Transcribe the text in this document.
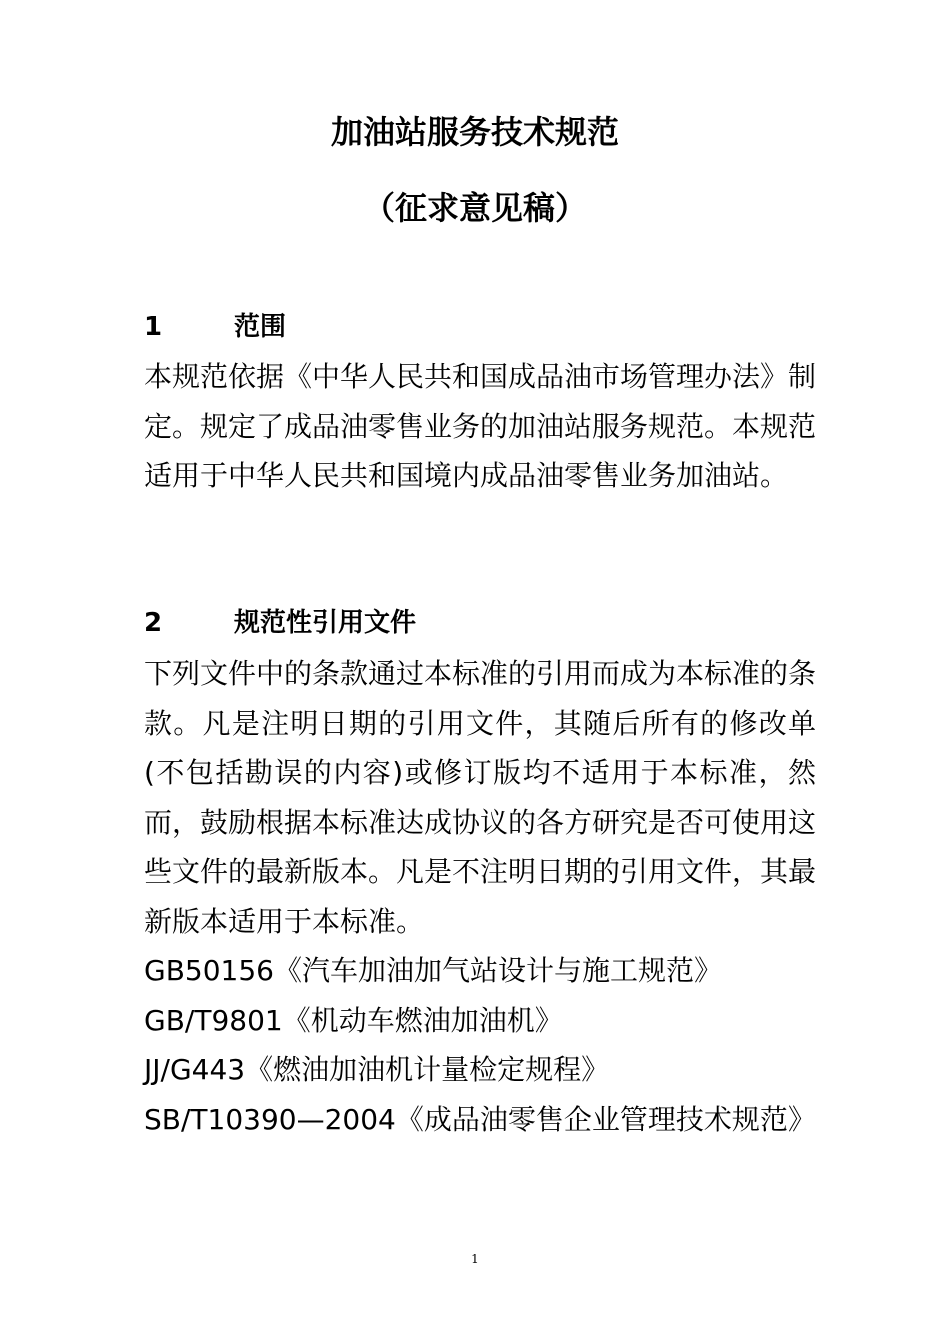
加油站服务技术规范
（征求意见稿）
1	范围
本规范依据《中华人民共和国成品油市场管理办法》制定。规定了成品油零售业务的加油站服务规范。本规范适用于中华人民共和国境内成品油零售业务加油站。
2	规范性引用文件
下列文件中的条款通过本标准的引用而成为本标准的条款。凡是注明日期的引用文件，其随后所有的修改单(不包括勘误的内容)或修订版均不适用于本标准，然而，鼓励根据本标准达成协议的各方研究是否可使用这些文件的最新版本。凡是不注明日期的引用文件，其最新版本适用于本标准。
GB50156《汽车加油加气站设计与施工规范》
GB/T9801《机动车燃油加油机》
JJ/G443《燃油加油机计量检定规程》
SB/T10390—2004《成品油零售企业管理技术规范》
1
